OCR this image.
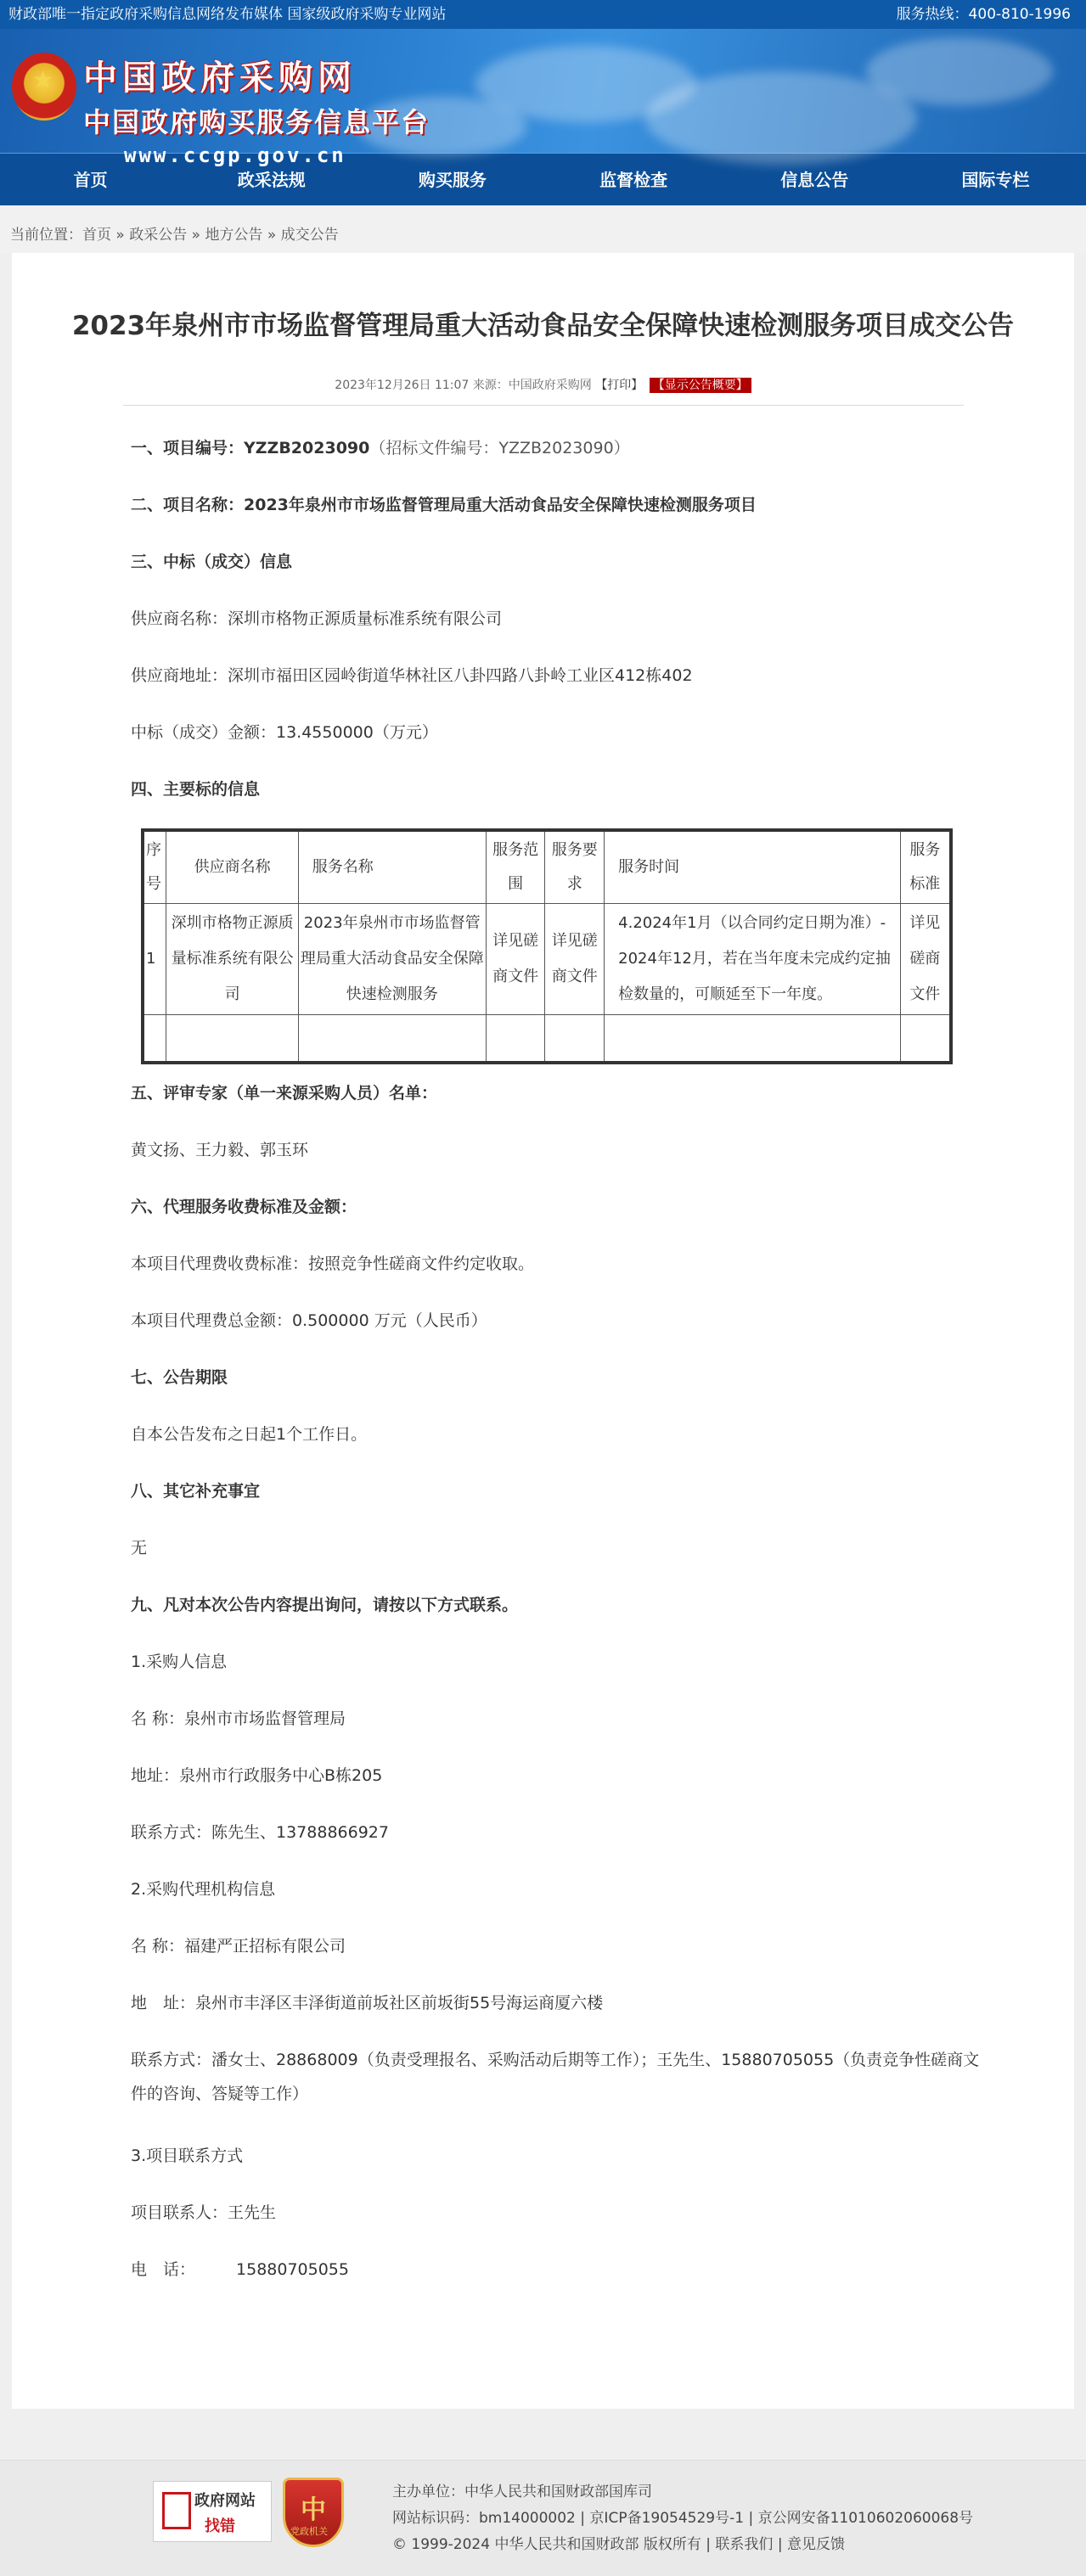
财政部唯一指定政府采购信息网络发布媒体 国家级政府采购专业网站	服务热线：400-810-1996
★ 中国政府采购网
中国政府购买服务信息平台
www.ccgp.gov.cn
首页	政采法规	购买服务	监督检查	信息公告	国际专栏
当前位置：首页 » 政采公告 » 地方公告 » 成交公告
2023年泉州市市场监督管理局重大活动食品安全保障快速检测服务项目成交公告
2023年12月26日 11:07 来源：中国政府采购网 【打印】 【显示公告概要】

一、项目编号：YZZB2023090（招标文件编号：YZZB2023090）

二、项目名称：2023年泉州市市场监督管理局重大活动食品安全保障快速检测服务项目

三、中标（成交）信息

供应商名称：深圳市格物正源质量标准系统有限公司

供应商地址：深圳市福田区园岭街道华林社区八卦四路八卦岭工业区412栋402

中标（成交）金额：13.4550000（万元）

四、主要标的信息

序号	供应商名称	服务名称	服务范围	服务要求	服务时间	服务标准
1	深圳市格物正源质量标准系统有限公司	2023年泉州市市场监督管理局重大活动食品安全保障快速检测服务	详见磋商文件	详见磋商文件	4.2024年1月（以合同约定日期为准）- 2024年12月，若在当年度未完成约定抽检数量的，可顺延至下一年度。	详见磋商文件

五、评审专家（单一来源采购人员）名单：

黄文扬、王力毅、郭玉环

六、代理服务收费标准及金额：

本项目代理费收费标准：按照竞争性磋商文件约定收取。

本项目代理费总金额：0.500000 万元（人民币）

七、公告期限

自本公告发布之日起1个工作日。

八、其它补充事宜

无

九、凡对本次公告内容提出询问，请按以下方式联系。

1.采购人信息

名 称：泉州市市场监督管理局

地址：泉州市行政服务中心B栋205

联系方式：陈先生、13788866927

2.采购代理机构信息

名 称：福建严正招标有限公司

地　址：泉州市丰泽区丰泽街道前坂社区前坂街55号海运商厦六楼

联系方式：潘女士、28868009（负责受理报名、采购活动后期等工作）；王先生、15880705055（负责竞争性磋商文件的咨询、答疑等工作）

3.项目联系方式

项目联系人：王先生

电　话：	15880705055

政府网站
找错
中
党政机关
主办单位：中华人民共和国财政部国库司
网站标识码：bm14000002 | 京ICP备19054529号-1 | 京公网安备11010602060068号
© 1999-2024 中华人民共和国财政部 版权所有 | 联系我们 | 意见反馈
